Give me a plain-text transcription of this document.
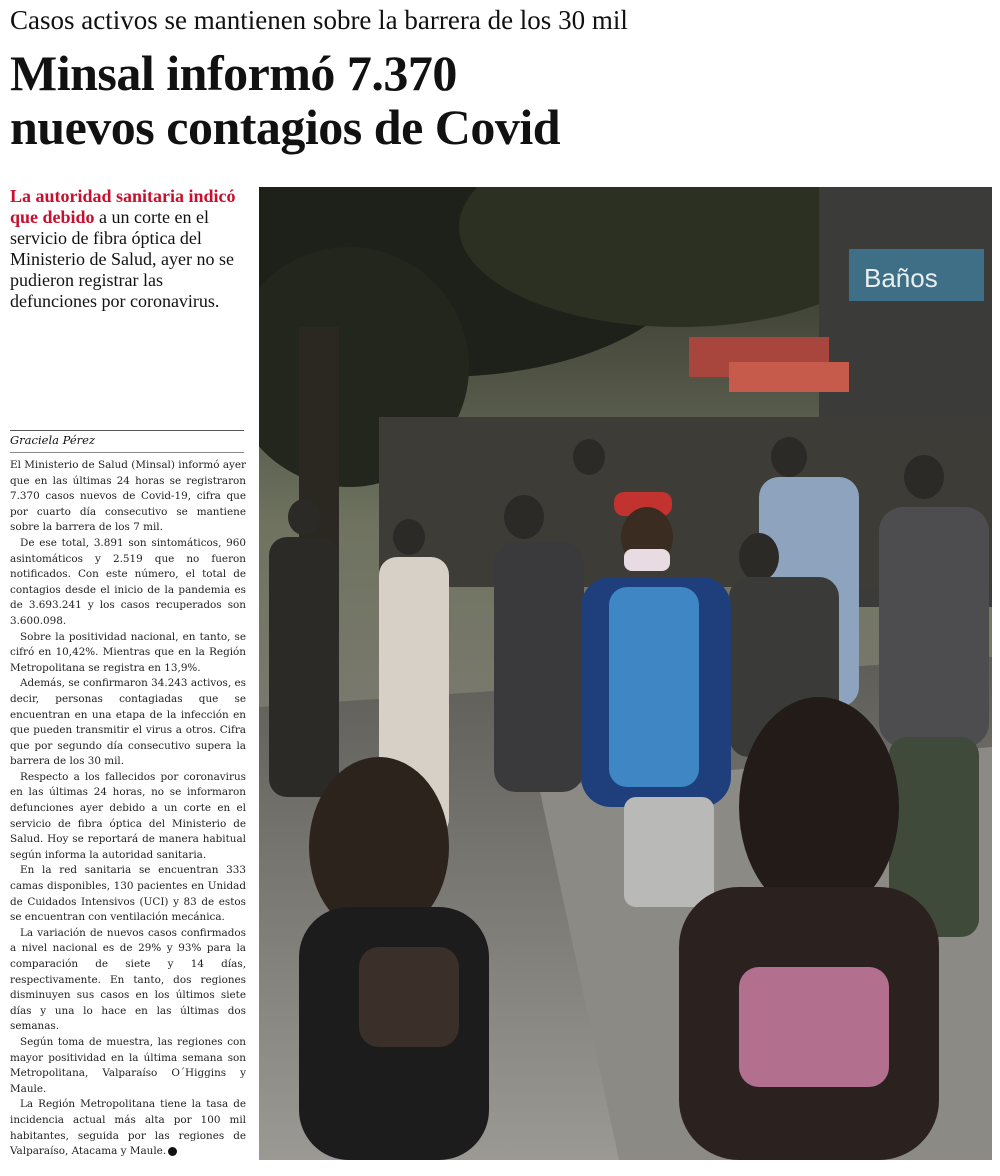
Casos activos se mantienen sobre la barrera de los 30 mil
Minsal informó 7.370
nuevos contagios de Covid
La autoridad sanitaria indicó que debido a un corte en el servicio de fibra óptica del Ministerio de Salud, ayer no se pudieron registrar las defunciones por coronavirus.
Graciela Pérez

El Ministerio de Salud (Minsal) informó ayer que en las últimas 24 horas se registraron 7.370 casos nuevos de Covid-19, cifra que por cuarto día consecutivo se mantiene sobre la barrera de los 7 mil.

De ese total, 3.891 son sintomáticos, 960 asintomáticos y 2.519 que no fueron notificados. Con este número, el total de contagios desde el inicio de la pandemia es de 3.693.241 y los casos recuperados son 3.600.098.

Sobre la positividad nacional, en tanto, se cifró en 10,42%. Mientras que en la Región Metropolitana se registra en 13,9%.

Además, se confirmaron 34.243 activos, es decir, personas contagiadas que se encuentran en una etapa de la infección en que pueden transmitir el virus a otros. Cifra que por segundo día consecutivo supera la barrera de los 30 mil.

Respecto a los fallecidos por coronavirus en las últimas 24 horas, no se informaron defunciones ayer debido a un corte en el servicio de fibra óptica del Ministerio de Salud. Hoy se reportará de manera habitual según informa la autoridad sanitaria.

En la red sanitaria se encuentran 333 camas disponibles, 130 pacientes en Unidad de Cuidados Intensivos (UCI) y 83 de estos se encuentran con ventilación mecánica.

La variación de nuevos casos confirmados a nivel nacional es de 29% y 93% para la comparación de siete y 14 días, respectivamente. En tanto, dos regiones disminuyen sus casos en los últimos siete días y una lo hace en las últimas dos semanas.

Según toma de muestra, las regiones con mayor positividad en la última semana son Metropolitana, Valparaíso O´Higgins y Maule.

La Región Metropolitana tiene la tasa de incidencia actual más alta por 100 mil habitantes, seguida por las regiones de Valparaíso, Atacama y Maule.

Baños
